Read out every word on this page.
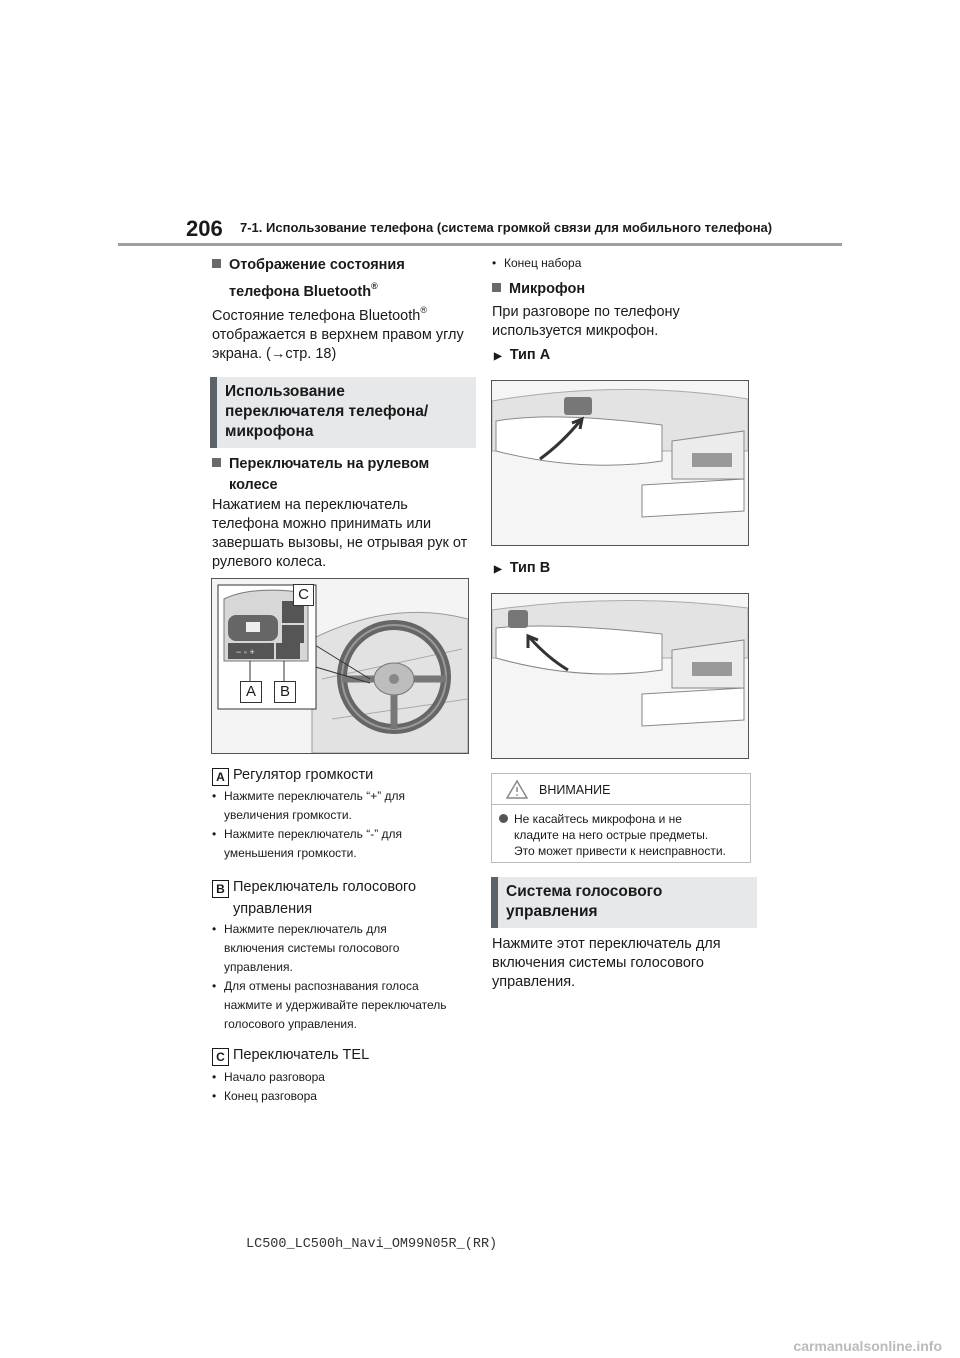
206 7-1. Использование телефона (система громкой связи для мобильного телефона)
Отображение состояния
телефона Bluetooth®
Состояние телефона Bluetooth®
отображается в верхнем правом углу
экрана. (→стр. 18)
Использование
переключателя телефона/
микрофона
Переключатель на рулевом
колесе
Нажатием на переключатель
телефона можно принимать или
завершать вызовы, не отрывая рук от
рулевого колеса.
− ◦ +
C
A	B
A Регулятор громкости
• Нажмите переключатель “+” для
увеличения громкости.
• Нажмите переключатель “-” для
уменьшения громкости.
B Переключатель голосового
управления
• Нажмите переключатель для
включения системы голосового
управления.
• Для отмены распознавания голоса
нажмите и удерживайте переключатель
голосового управления.
C Переключатель TEL
• Начало разговора
• Конец разговора
• Конец набора
Микрофон
При разговоре по телефону
используется микрофон.
▶ Тип A
▶ Тип B
ВНИМАНИЕ
Не касайтесь микрофона и не
кладите на него острые предметы.
Это может привести к неисправности.
Система голосового
управления
Нажмите этот переключатель для
включения системы голосового
управления.
LC500_LC500h_Navi_OM99N05R_(RR)
carmanualsonline.info
